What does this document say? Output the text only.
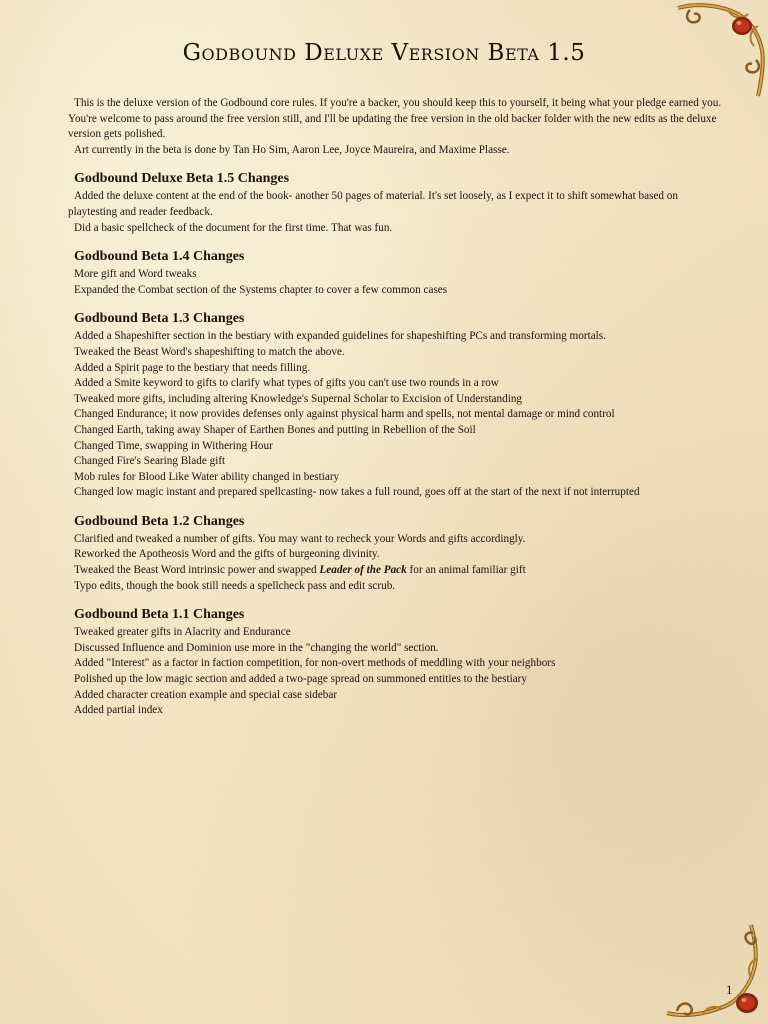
Godbound Deluxe Version Beta 1.5

This is the deluxe version of the Godbound core rules. If you're a backer, you should keep this to yourself, it being what your pledge earned you. You're welcome to pass around the free version still, and I'll be updating the free version in the old backer folder with the new edits as the deluxe version gets polished.

Art currently in the beta is done by Tan Ho Sim, Aaron Lee, Joyce Maureira, and Maxime Plasse.

Godbound Deluxe Beta 1.5 Changes

Added the deluxe content at the end of the book- another 50 pages of material. It's set loosely, as I expect it to shift somewhat based on playtesting and reader feedback.

Did a basic spellcheck of the document for the first time. That was fun.

Godbound Beta 1.4 Changes

More gift and Word tweaks

Expanded the Combat section of the Systems chapter to cover a few common cases

Godbound Beta 1.3 Changes

Added a Shapeshifter section in the bestiary with expanded guidelines for shapeshifting PCs and transforming mortals.

Tweaked the Beast Word's shapeshifting to match the above.

Added a Spirit page to the bestiary that needs filling.

Added a Smite keyword to gifts to clarify what types of gifts you can't use two rounds in a row

Tweaked more gifts, including altering Knowledge's Supernal Scholar to Excision of Understanding

Changed Endurance; it now provides defenses only against physical harm and spells, not mental damage or mind control

Changed Earth, taking away Shaper of Earthen Bones and putting in Rebellion of the Soil

Changed Time, swapping in Withering Hour

Changed Fire's Searing Blade gift

Mob rules for Blood Like Water ability changed in bestiary

Changed low magic instant and prepared spellcasting- now takes a full round, goes off at the start of the next if not interrupted

Godbound Beta 1.2 Changes

Clarified and tweaked a number of gifts. You may want to recheck your Words and gifts accordingly.

Reworked the Apotheosis Word and the gifts of burgeoning divinity.

Tweaked the Beast Word intrinsic power and swapped Leader of the Pack for an animal familiar gift

Typo edits, though the book still needs a spellcheck pass and edit scrub.

Godbound Beta 1.1 Changes

Tweaked greater gifts in Alacrity and Endurance

Discussed Influence and Dominion use more in the "changing the world" section.

Added "Interest" as a factor in faction competition, for non-overt methods of meddling with your neighbors

Polished up the low magic section and added a two-page spread on summoned entities to the bestiary

Added character creation example and special case sidebar

Added partial index

1
